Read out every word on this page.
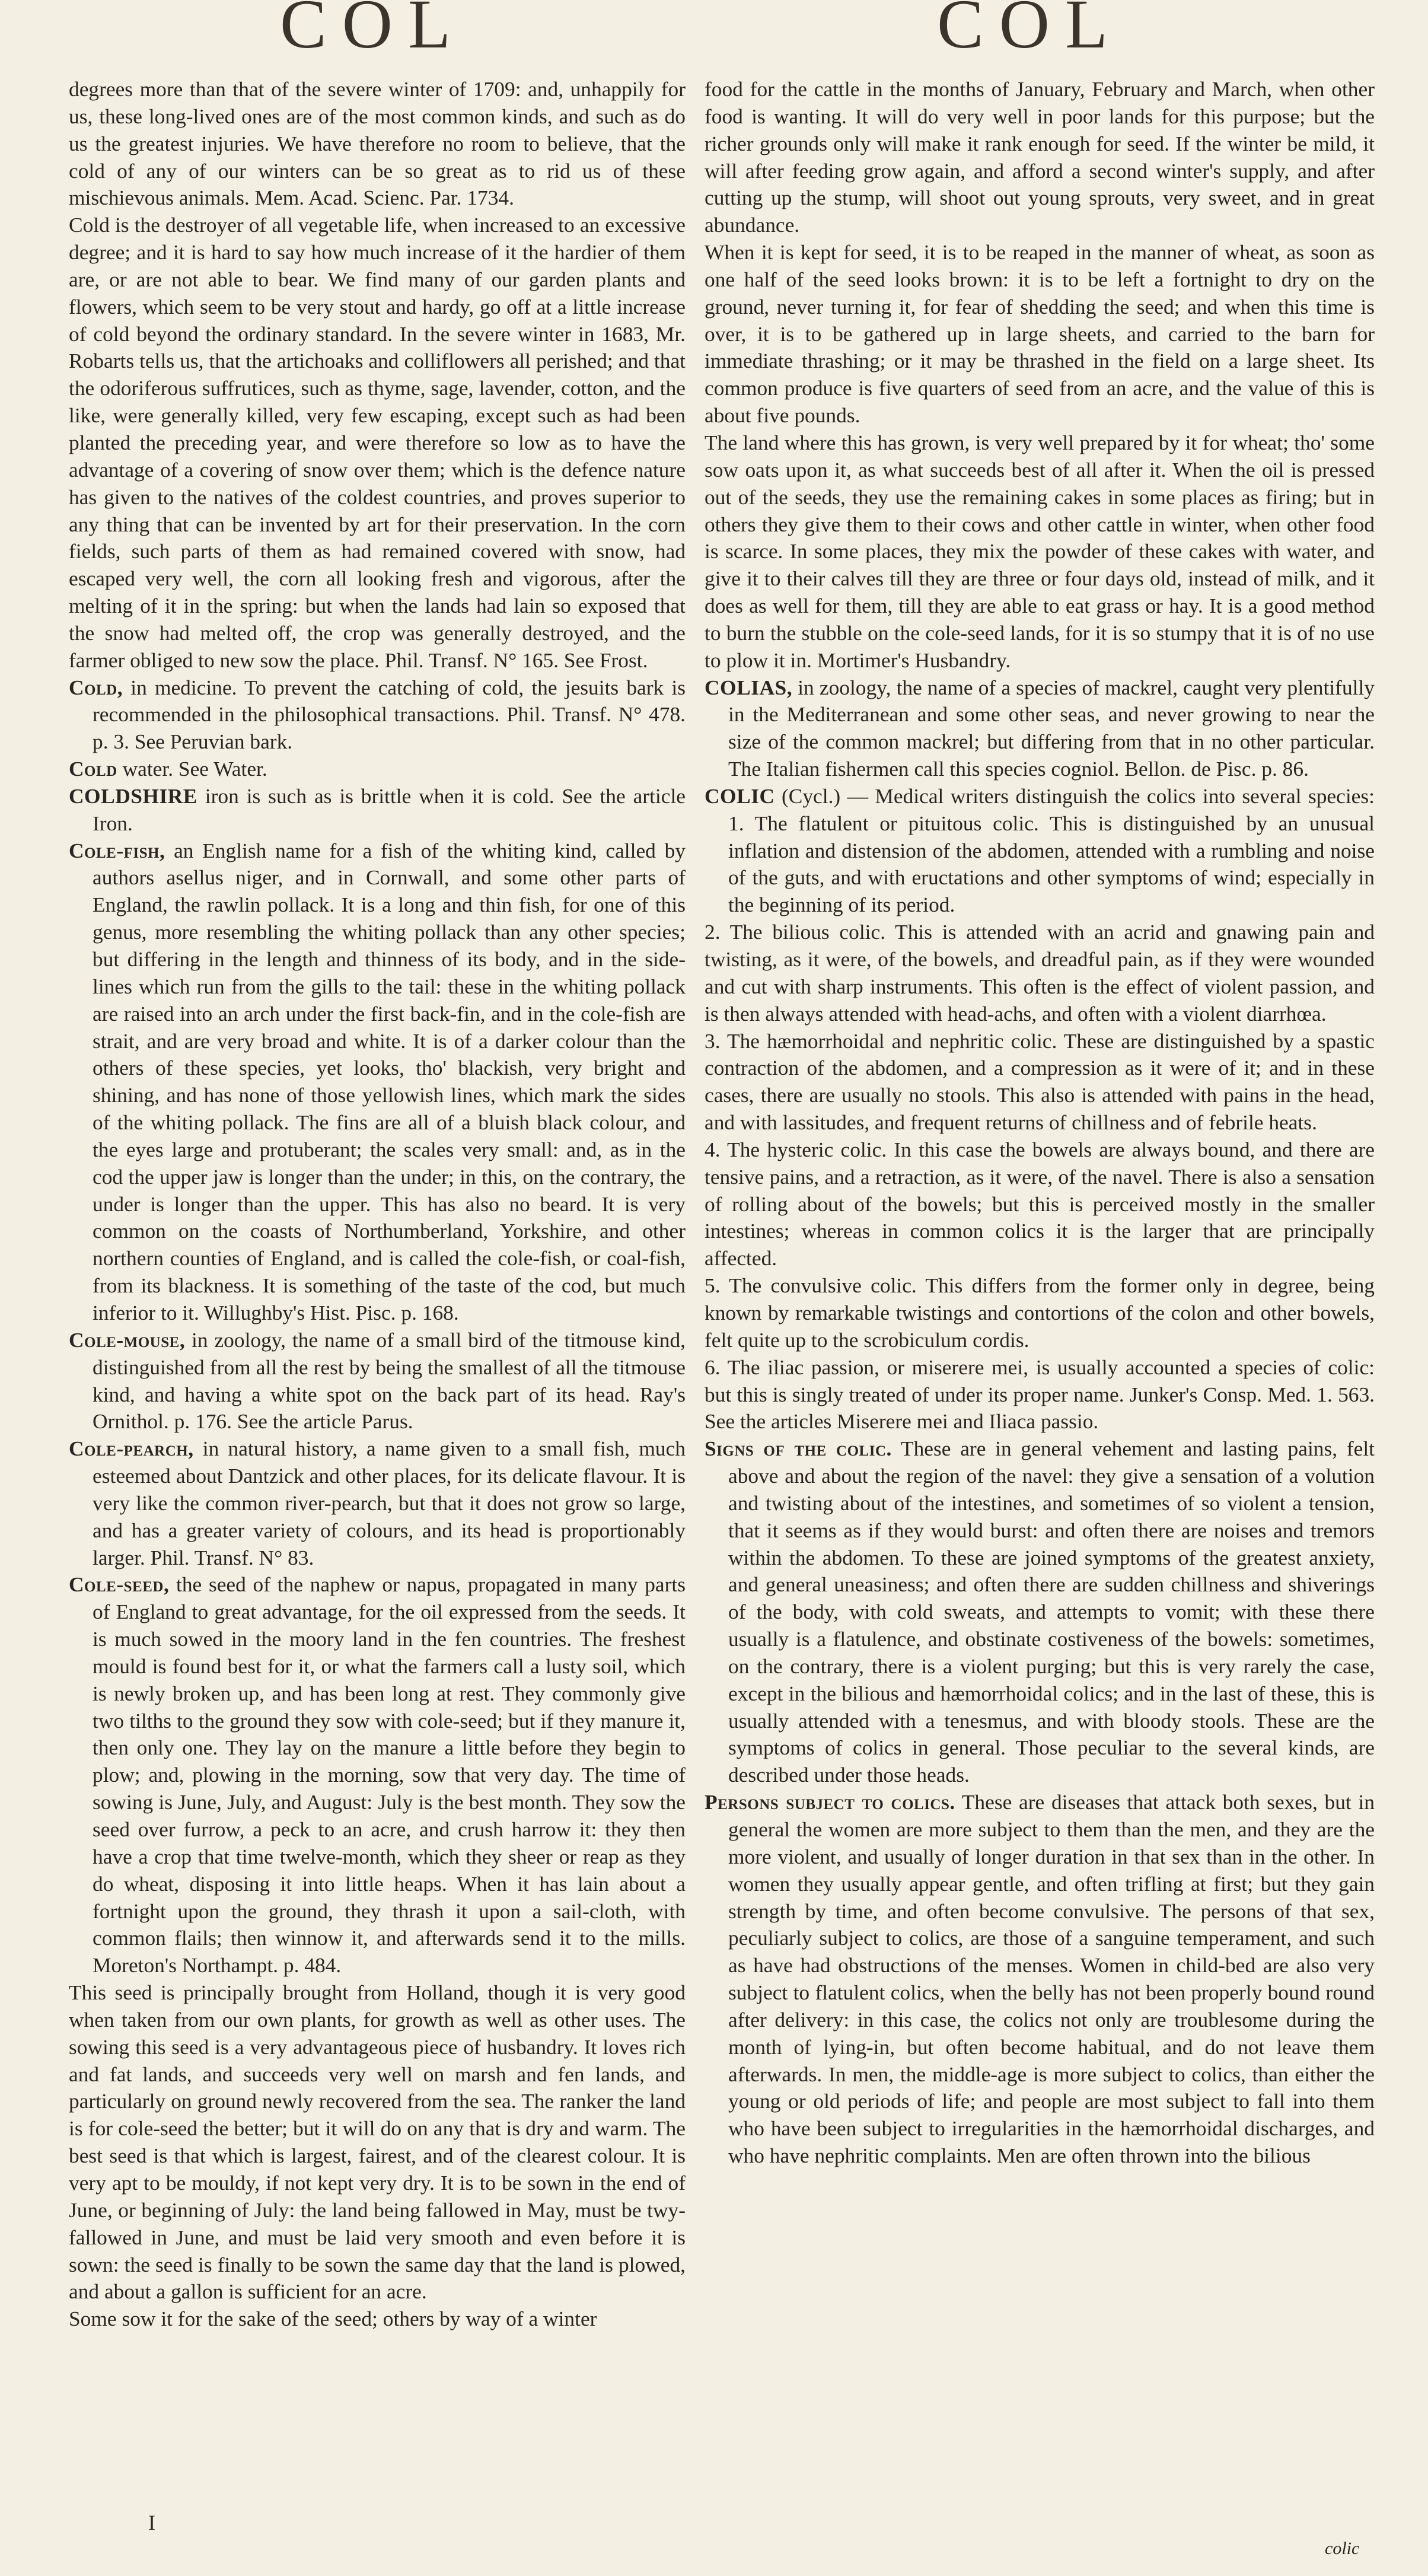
COL	COL

degrees more than that of the severe winter of 1709: and, unhappily for us, these long-lived ones are of the most common kinds, and such as do us the greatest injuries. We have therefore no room to believe, that the cold of any of our winters can be so great as to rid us of these mischievous animals. Mem. Acad. Scienc. Par. 1734.

Cold is the destroyer of all vegetable life, when increased to an excessive degree; and it is hard to say how much increase of it the hardier of them are, or are not able to bear. We find many of our garden plants and flowers, which seem to be very stout and hardy, go off at a little increase of cold beyond the ordinary standard. In the severe winter in 1683, Mr. Robarts tells us, that the artichoaks and colliflowers all perished; and that the odoriferous suffrutices, such as thyme, sage, lavender, cotton, and the like, were generally killed, very few escaping, except such as had been planted the preceding year, and were therefore so low as to have the advantage of a covering of snow over them; which is the defence nature has given to the natives of the coldest countries, and proves superior to any thing that can be invented by art for their preservation. In the corn fields, such parts of them as had remained covered with snow, had escaped very well, the corn all looking fresh and vigorous, after the melting of it in the spring: but when the lands had lain so exposed that the snow had melted off, the crop was generally destroyed, and the farmer obliged to new sow the place. Phil. Transf. N° 165. See Frost.

Cold, in medicine. To prevent the catching of cold, the jesuits bark is recommended in the philosophical transactions. Phil. Transf. N° 478. p. 3. See Peruvian bark.

Cold water. See Water.

COLDSHIRE iron is such as is brittle when it is cold. See the article Iron.

Cole-fish, an English name for a fish of the whiting kind, called by authors asellus niger, and in Cornwall, and some other parts of England, the rawlin pollack. It is a long and thin fish, for one of this genus, more resembling the whiting pollack than any other species; but differing in the length and thinness of its body, and in the side-lines which run from the gills to the tail: these in the whiting pollack are raised into an arch under the first back-fin, and in the cole-fish are strait, and are very broad and white. It is of a darker colour than the others of these species, yet looks, tho' blackish, very bright and shining, and has none of those yellowish lines, which mark the sides of the whiting pollack. The fins are all of a bluish black colour, and the eyes large and protuberant; the scales very small: and, as in the cod the upper jaw is longer than the under; in this, on the contrary, the under is longer than the upper. This has also no beard. It is very common on the coasts of Northumberland, Yorkshire, and other northern counties of England, and is called the cole-fish, or coal-fish, from its blackness. It is something of the taste of the cod, but much inferior to it. Willughby's Hist. Pisc. p. 168.

Cole-mouse, in zoology, the name of a small bird of the titmouse kind, distinguished from all the rest by being the smallest of all the titmouse kind, and having a white spot on the back part of its head. Ray's Ornithol. p. 176. See the article Parus.

Cole-pearch, in natural history, a name given to a small fish, much esteemed about Dantzick and other places, for its delicate flavour. It is very like the common river-pearch, but that it does not grow so large, and has a greater variety of colours, and its head is proportionably larger. Phil. Transf. N° 83.

Cole-seed, the seed of the naphew or napus, propagated in many parts of England to great advantage, for the oil expressed from the seeds. It is much sowed in the moory land in the fen countries. The freshest mould is found best for it, or what the farmers call a lusty soil, which is newly broken up, and has been long at rest. They commonly give two tilths to the ground they sow with cole-seed; but if they manure it, then only one. They lay on the manure a little before they begin to plow; and, plowing in the morning, sow that very day. The time of sowing is June, July, and August: July is the best month. They sow the seed over furrow, a peck to an acre, and crush harrow it: they then have a crop that time twelve-month, which they sheer or reap as they do wheat, disposing it into little heaps. When it has lain about a fortnight upon the ground, they thrash it upon a sail-cloth, with common flails; then winnow it, and afterwards send it to the mills. Moreton's Northampt. p. 484.

This seed is principally brought from Holland, though it is very good when taken from our own plants, for growth as well as other uses. The sowing this seed is a very advantageous piece of husbandry. It loves rich and fat lands, and succeeds very well on marsh and fen lands, and particularly on ground newly recovered from the sea. The ranker the land is for cole-seed the better; but it will do on any that is dry and warm. The best seed is that which is largest, fairest, and of the clearest colour. It is very apt to be mouldy, if not kept very dry. It is to be sown in the end of June, or beginning of July: the land being fallowed in May, must be twy-fallowed in June, and must be laid very smooth and even before it is sown: the seed is finally to be sown the same day that the land is plowed, and about a gallon is sufficient for an acre.

Some sow it for the sake of the seed; others by way of a winter

food for the cattle in the months of January, February and March, when other food is wanting. It will do very well in poor lands for this purpose; but the richer grounds only will make it rank enough for seed. If the winter be mild, it will after feeding grow again, and afford a second winter's supply, and after cutting up the stump, will shoot out young sprouts, very sweet, and in great abundance.

When it is kept for seed, it is to be reaped in the manner of wheat, as soon as one half of the seed looks brown: it is to be left a fortnight to dry on the ground, never turning it, for fear of shedding the seed; and when this time is over, it is to be gathered up in large sheets, and carried to the barn for immediate thrashing; or it may be thrashed in the field on a large sheet. Its common produce is five quarters of seed from an acre, and the value of this is about five pounds.

The land where this has grown, is very well prepared by it for wheat; tho' some sow oats upon it, as what succeeds best of all after it. When the oil is pressed out of the seeds, they use the remaining cakes in some places as firing; but in others they give them to their cows and other cattle in winter, when other food is scarce. In some places, they mix the powder of these cakes with water, and give it to their calves till they are three or four days old, instead of milk, and it does as well for them, till they are able to eat grass or hay. It is a good method to burn the stubble on the cole-seed lands, for it is so stumpy that it is of no use to plow it in. Mortimer's Husbandry.

COLIAS, in zoology, the name of a species of mackrel, caught very plentifully in the Mediterranean and some other seas, and never growing to near the size of the common mackrel; but differing from that in no other particular. The Italian fishermen call this species cogniol. Bellon. de Pisc. p. 86.

COLIC (Cycl.) — Medical writers distinguish the colics into several species: 1. The flatulent or pituitous colic. This is distinguished by an unusual inflation and distension of the abdomen, attended with a rumbling and noise of the guts, and with eructations and other symptoms of wind; especially in the beginning of its period.

2. The bilious colic. This is attended with an acrid and gnawing pain and twisting, as it were, of the bowels, and dreadful pain, as if they were wounded and cut with sharp instruments. This often is the effect of violent passion, and is then always attended with head-achs, and often with a violent diarrhœa.

3. The hæmorrhoidal and nephritic colic. These are distinguished by a spastic contraction of the abdomen, and a compression as it were of it; and in these cases, there are usually no stools. This also is attended with pains in the head, and with lassitudes, and frequent returns of chillness and of febrile heats.

4. The hysteric colic. In this case the bowels are always bound, and there are tensive pains, and a retraction, as it were, of the navel. There is also a sensation of rolling about of the bowels; but this is perceived mostly in the smaller intestines; whereas in common colics it is the larger that are principally affected.

5. The convulsive colic. This differs from the former only in degree, being known by remarkable twistings and contortions of the colon and other bowels, felt quite up to the scrobiculum cordis.

6. The iliac passion, or miserere mei, is usually accounted a species of colic: but this is singly treated of under its proper name. Junker's Consp. Med. 1. 563. See the articles Miserere mei and Iliaca passio.

Signs of the colic. These are in general vehement and lasting pains, felt above and about the region of the navel: they give a sensation of a volution and twisting about of the intestines, and sometimes of so violent a tension, that it seems as if they would burst: and often there are noises and tremors within the abdomen. To these are joined symptoms of the greatest anxiety, and general uneasiness; and often there are sudden chillness and shiverings of the body, with cold sweats, and attempts to vomit; with these there usually is a flatulence, and obstinate costiveness of the bowels: sometimes, on the contrary, there is a violent purging; but this is very rarely the case, except in the bilious and hæmorrhoidal colics; and in the last of these, this is usually attended with a tenesmus, and with bloody stools. These are the symptoms of colics in general. Those peculiar to the several kinds, are described under those heads.

Persons subject to colics. These are diseases that attack both sexes, but in general the women are more subject to them than the men, and they are the more violent, and usually of longer duration in that sex than in the other. In women they usually appear gentle, and often trifling at first; but they gain strength by time, and often become convulsive. The persons of that sex, peculiarly subject to colics, are those of a sanguine temperament, and such as have had obstructions of the menses. Women in child-bed are also very subject to flatulent colics, when the belly has not been properly bound round after delivery: in this case, the colics not only are troublesome during the month of lying-in, but often become habitual, and do not leave them afterwards. In men, the middle-age is more subject to colics, than either the young or old periods of life; and people are most subject to fall into them who have been subject to irregularities in the hæmorrhoidal discharges, and who have nephritic complaints. Men are often thrown into the bilious

I
colic
